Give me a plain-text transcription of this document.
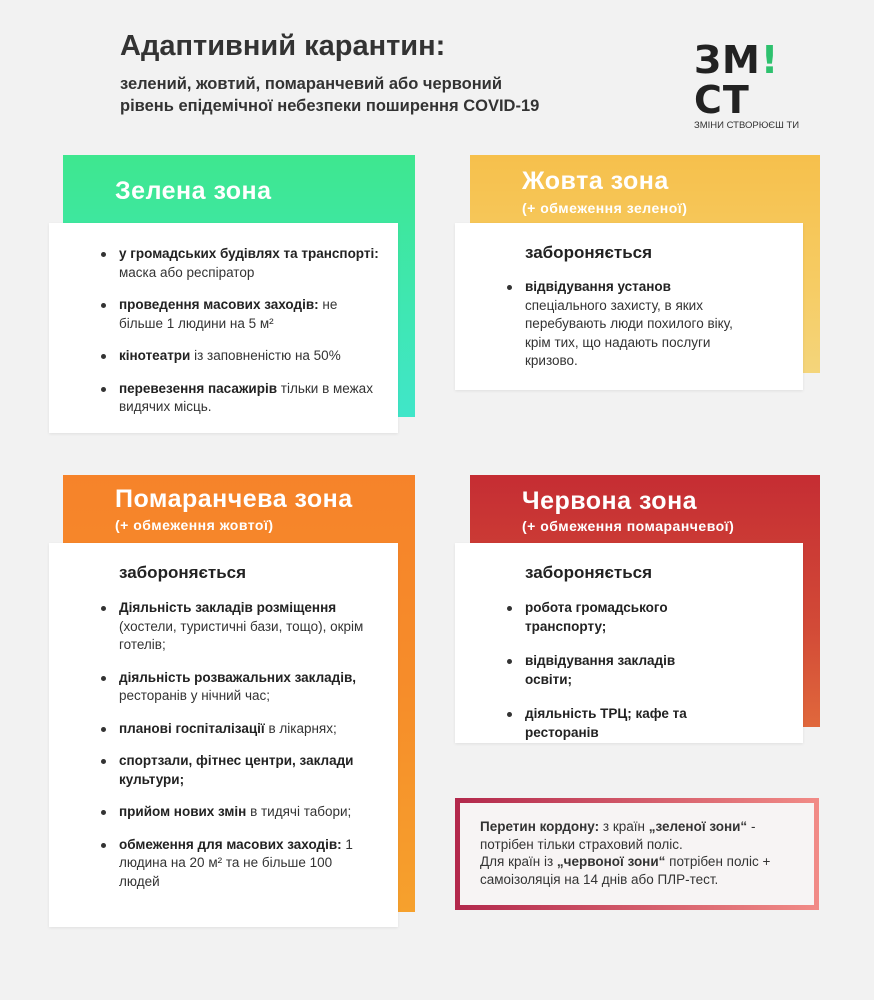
Адаптивний карантин:
зелений, жовтий, помаранчевий або червоний
рівень епідемічної небезпеки поширення COVID-19
ЗМ!СТ
ЗМІНИ СТВОРЮЄШ ТИ
Зелена зона
у громадських будівлях та транспорті: маска або респіратор
проведення масових заходів: не більше 1 людини на 5 м²
кінотеатри із заповненістю на 50%
перевезення пасажирів тільки в межах видячих місць.
Жовта зона
(+ обмеження зеленої)
забороняється
відвідування установ спеціального захисту, в яких перебувають люди похилого віку, крім тих, що надають послуги кризово.
Помаранчева зона
(+ обмеження жовтої)
забороняється
Діяльність закладів розміщення (хостели, туристичні бази, тощо), окрім готелів;
діяльність розважальних закладів, ресторанів у нічний час;
планові госпіталізації в лікарнях;
спортзали, фітнес центри, заклади культури;
прийом нових змін в тидячі табори;
обмеження для масових заходів: 1 людина на 20 м² та не більше 100 людей
Червона зона
(+ обмеження помаранчевої)
забороняється
робота громадського транспорту;
відвідування закладів освіти;
діяльність ТРЦ; кафе та ресторанів
Перетин кордону: з країн „зеленої зони“ - потрібен тільки страховий поліс.
Для країн із „червоної зони“ потрібен поліс + самоізоляція на 14 днів або ПЛР-тест.
